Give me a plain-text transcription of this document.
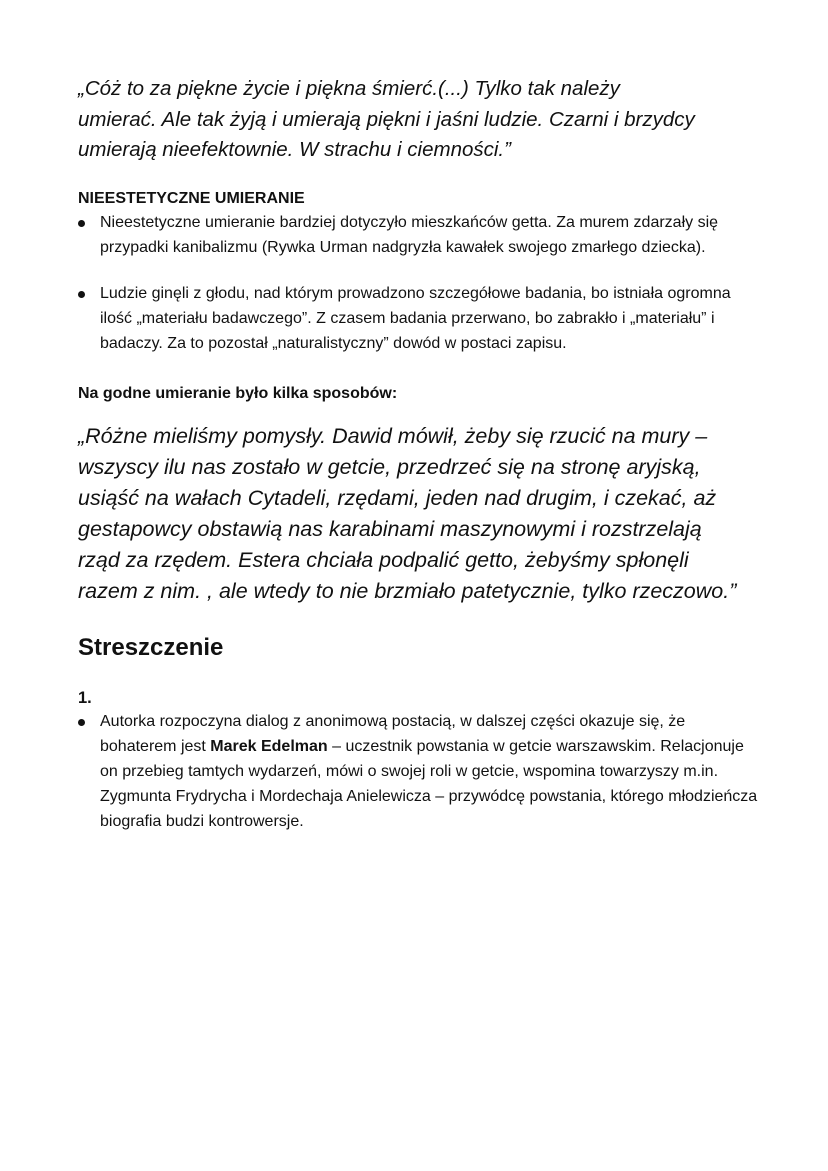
„Cóż to za piękne życie i piękna śmierć.(...) Tylko tak należy umierać. Ale tak żyją i umierają piękni i jaśni ludzie. Czarni i brzydcy umierają nieefektownie. W strachu i ciemności.”

NIEESTETYCZNE UMIERANIE
Nieestetyczne umieranie bardziej dotyczyło mieszkańców getta. Za murem zdarzały się przypadki kanibalizmu (Rywka Urman nadgryzła kawałek swojego zmarłego dziecka).
Ludzie ginęli z głodu, nad którym prowadzono szczegółowe badania, bo istniała ogromna ilość „materiału badawczego”. Z czasem badania przerwano, bo zabrakło i „materiału” i badaczy. Za to pozostał „naturalistyczny” dowód w postaci zapisu.
Na godne umieranie było kilka sposobów:

„Różne mieliśmy pomysły. Dawid mówił, żeby się rzucić na mury – wszyscy ilu nas zostało w getcie, przedrzeć się na stronę aryjską, usiąść na wałach Cytadeli, rzędami, jeden nad drugim, i czekać, aż gestapowcy obstawią nas karabinami maszynowymi i rozstrzelają rząd za rzędem. Estera chciała podpalić getto, żebyśmy spłonęli razem z nim. , ale wtedy to nie brzmiało patetycznie, tylko rzeczowo.”

Streszczenie
1.
Autorka rozpoczyna dialog z anonimową postacią, w dalszej części okazuje się, że bohaterem jest Marek Edelman – uczestnik powstania w getcie warszawskim. Relacjonuje on przebieg tamtych wydarzeń, mówi o swojej roli w getcie, wspomina towarzyszy m.in. Zygmunta Frydrycha i Mordechaja Anielewicza – przywódcę powstania, którego młodzieńcza biografia budzi kontrowersje.
